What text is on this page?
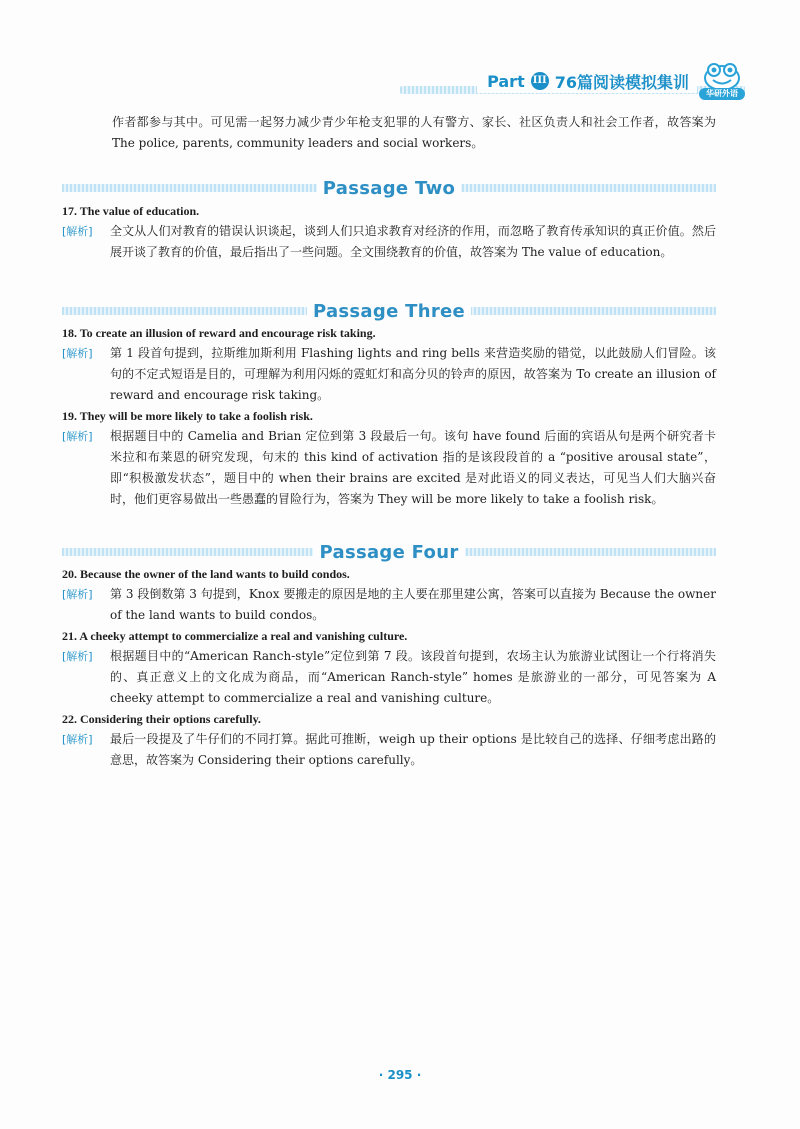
Part III 76篇阅读模拟集训
华研外语
作者都参与其中。可见需一起努力减少青少年枪支犯罪的人有警方、家长、社区负责人和社会工作者，故答案为 The police, parents, community leaders and social workers。
Passage Two
17. The value of education.
[解析]	全文从人们对教育的错误认识谈起，谈到人们只追求教育对经济的作用，而忽略了教育传承知识的真正价值。然后展开谈了教育的价值，最后指出了一些问题。全文围绕教育的价值，故答案为 The value of education。
Passage Three
18. To create an illusion of reward and encourage risk taking.
[解析]	第 1 段首句提到，拉斯维加斯利用 Flashing lights and ring bells 来营造奖励的错觉，以此鼓励人们冒险。该句的不定式短语是目的，可理解为利用闪烁的霓虹灯和高分贝的铃声的原因，故答案为 To create an illusion of reward and encourage risk taking。
19. They will be more likely to take a foolish risk.
[解析]	根据题目中的 Camelia and Brian 定位到第 3 段最后一句。该句 have found 后面的宾语从句是两个研究者卡米拉和布莱恩的研究发现，句末的 this kind of activation 指的是该段段首的 a “positive arousal state”，即“积极激发状态”，题目中的 when their brains are excited 是对此语义的同义表达，可见当人们大脑兴奋时，他们更容易做出一些愚蠢的冒险行为，答案为 They will be more likely to take a foolish risk。
Passage Four
20. Because the owner of the land wants to build condos.
[解析]	第 3 段倒数第 3 句提到，Knox 要搬走的原因是地的主人要在那里建公寓，答案可以直接为 Because the owner of the land wants to build condos。
21. A cheeky attempt to commercialize a real and vanishing culture.
[解析]	根据题目中的“American Ranch-style”定位到第 7 段。该段首句提到，农场主认为旅游业试图让一个行将消失的、真正意义上的文化成为商品，而“American Ranch-style” homes 是旅游业的一部分，可见答案为 A cheeky attempt to commercialize a real and vanishing culture。
22. Considering their options carefully.
[解析]	最后一段提及了牛仔们的不同打算。据此可推断，weigh up their options 是比较自己的选择、仔细考虑出路的意思，故答案为 Considering their options carefully。
· 295 ·
